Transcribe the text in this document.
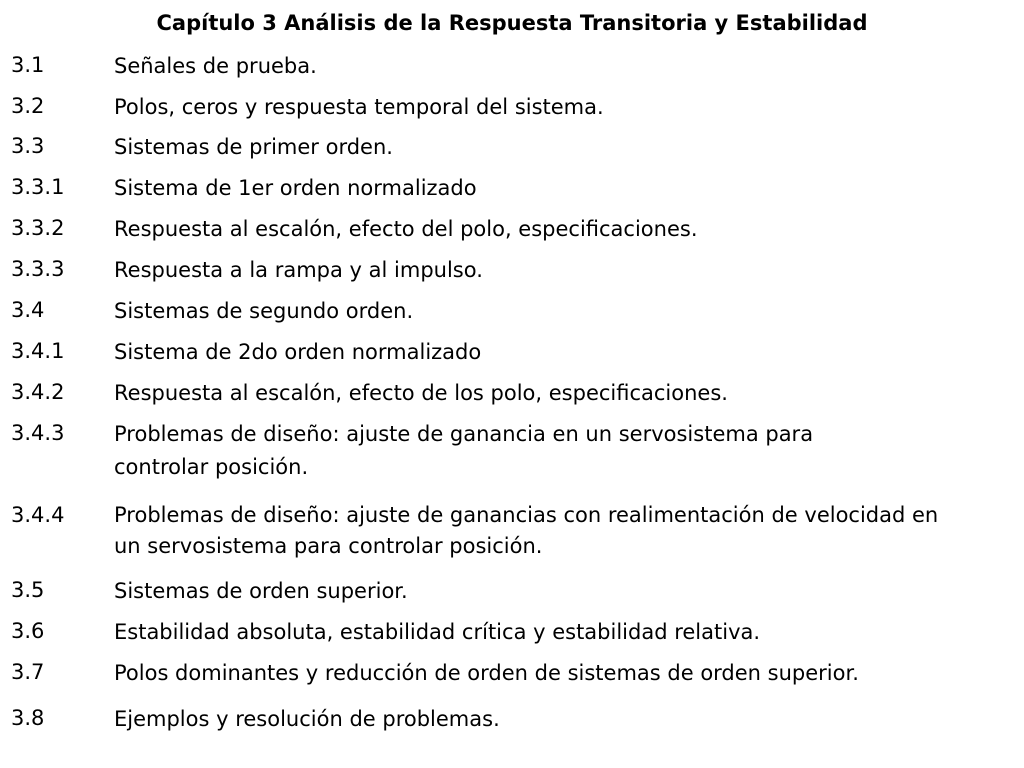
Capítulo 3 Análisis de la Respuesta Transitoria y Estabilidad
3.1	Señales de prueba.
3.2	Polos, ceros y respuesta temporal del sistema.
3.3	Sistemas de primer orden.
3.3.1 Sistema de 1er orden normalizado
3.3.2 Respuesta al escalón, efecto del polo, especificaciones.
3.3.3 Respuesta a la rampa y al impulso.
3.4	Sistemas de segundo orden.
3.4.1 Sistema de 2do orden normalizado
3.4.2 Respuesta al escalón, efecto de los polo, especificaciones.
3.4.3 Problemas de diseño: ajuste de ganancia en un servosistema para
controlar posición.
3.4.4 Problemas de diseño: ajuste de ganancias con realimentación de velocidad en
un servosistema para controlar posición.
3.5	Sistemas de orden superior.
3.6	Estabilidad absoluta, estabilidad crítica y estabilidad relativa.
3.7	Polos dominantes y reducción de orden de sistemas de orden superior.
3.8	Ejemplos y resolución de problemas.
